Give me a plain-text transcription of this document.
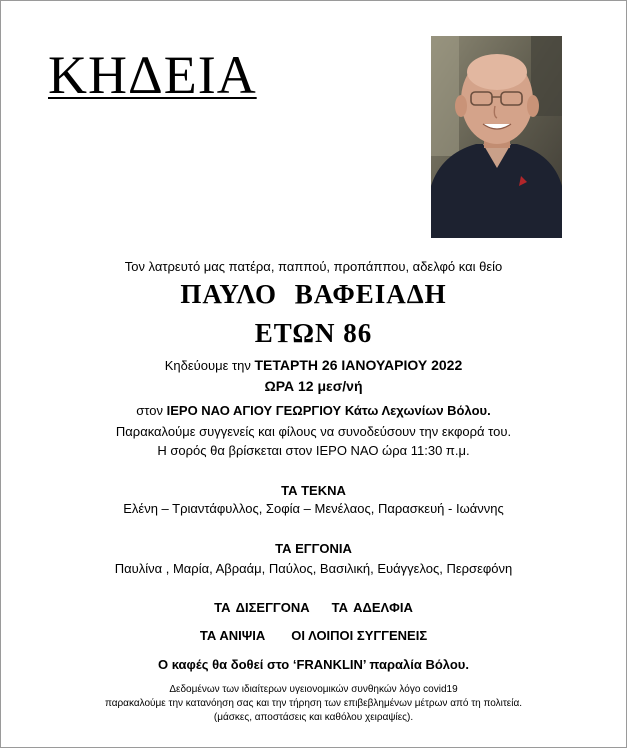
ΚΗΔΕΙΑ
Τον λατρευτό μας πατέρα, παππού, προπάππου, αδελφό και θείο
ΠΑΥΛΟ ΒΑΦΕΙΑΔΗ
ΕΤΩΝ 86
Κηδεύουμε την ΤΕΤΑΡΤΗ 26 ΙΑΝΟΥΑΡΙΟΥ 2022
ΩΡΑ 12 μεσ/νή
στον ΙΕΡΟ ΝΑΟ ΑΓΙΟΥ ΓΕΩΡΓΙΟΥ Κάτω Λεχωνίων Βόλου.
Παρακαλούμε συγγενείς και φίλους να συνοδεύσουν την εκφορά του.
Η σορός θα βρίσκεται στον ΙΕΡΟ ΝΑΟ ώρα 11:30 π.μ.
ΤΑ ΤΕΚΝΑ
Ελένη – Τριαντάφυλλος, Σοφία – Μενέλαος, Παρασκευή - Ιωάννης
ΤΑ ΕΓΓΟΝΙΑ
Παυλίνα , Μαρία, Αβραάμ, Παύλος, Βασιλική, Ευάγγελος, Περσεφόνη
ΤΑ ΔΙΣΕΓΓΟΝΑ ΤΑ ΑΔΕΛΦΙΑ
ΤΑ ΑΝΙΨΙΑ ΟΙ ΛΟΙΠΟΙ ΣΥΓΓΕΝΕΙΣ
Ο καφές θα δοθεί στο ‘FRANKLIN’ παραλία Βόλου.
Δεδομένων των ιδιαίτερων υγειονομικών συνθηκών λόγο covid19
παρακαλούμε την κατανόηση σας και την τήρηση των επιβεβλημένων μέτρων από τη πολιτεία.
(μάσκες, αποστάσεις και καθόλου χειραψίες).
